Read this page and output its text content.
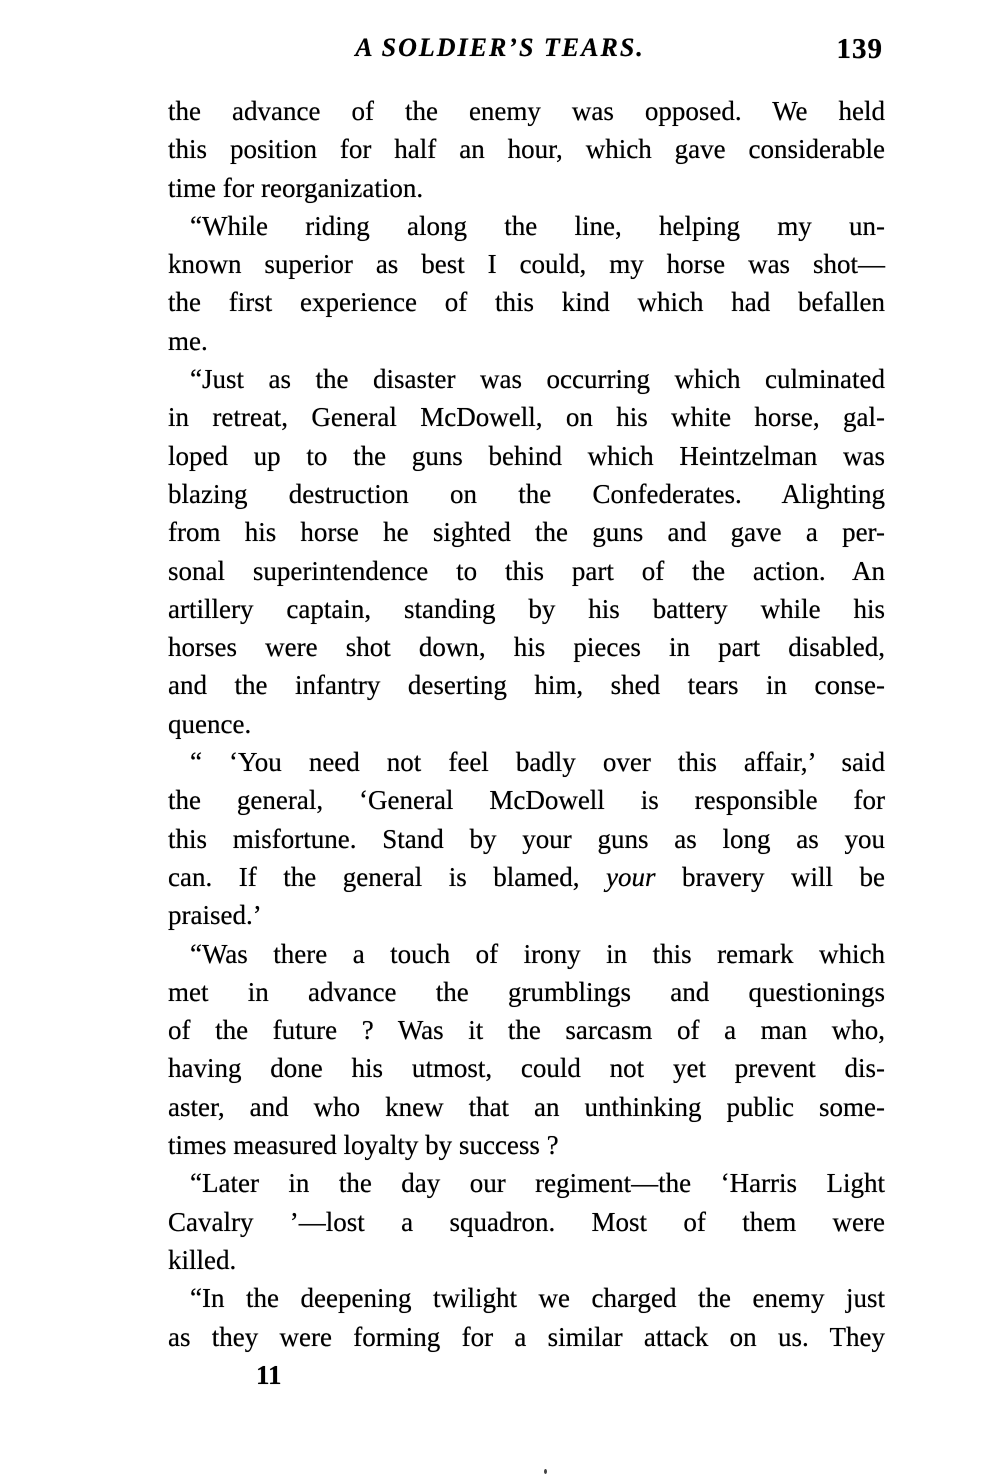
A SOLDIER’S TEARS.	139
the advance of the enemy was opposed. We held
this position for half an hour, which gave considerable
time for reorganization.
“While riding along the line, helping my un-
known superior as best I could, my horse was shot—
the first experience of this kind which had befallen
me.
“Just as the disaster was occurring which culminated
in retreat, General McDowell, on his white horse, gal-
loped up to the guns behind which Heintzelman was
blazing destruction on the Confederates. Alighting
from his horse he sighted the guns and gave a per-
sonal superintendence to this part of the action. An
artillery captain, standing by his battery while his
horses were shot down, his pieces in part disabled,
and the infantry deserting him, shed tears in conse-
quence.
“ ‘You need not feel badly over this affair,’ said
the general, ‘General McDowell is responsible for
this misfortune. Stand by your guns as long as you
can. If the general is blamed, your bravery will be
praised.’
“Was there a touch of irony in this remark which
met in advance the grumblings and questionings
of the future ? Was it the sarcasm of a man who,
having done his utmost, could not yet prevent dis-
aster, and who knew that an unthinking public some-
times measured loyalty by success ?
“Later in the day our regiment—the ‘Harris Light
Cavalry ’—lost a squadron. Most of them were
killed.
“In the deepening twilight we charged the enemy just
as they were forming for a similar attack on us. They
11
